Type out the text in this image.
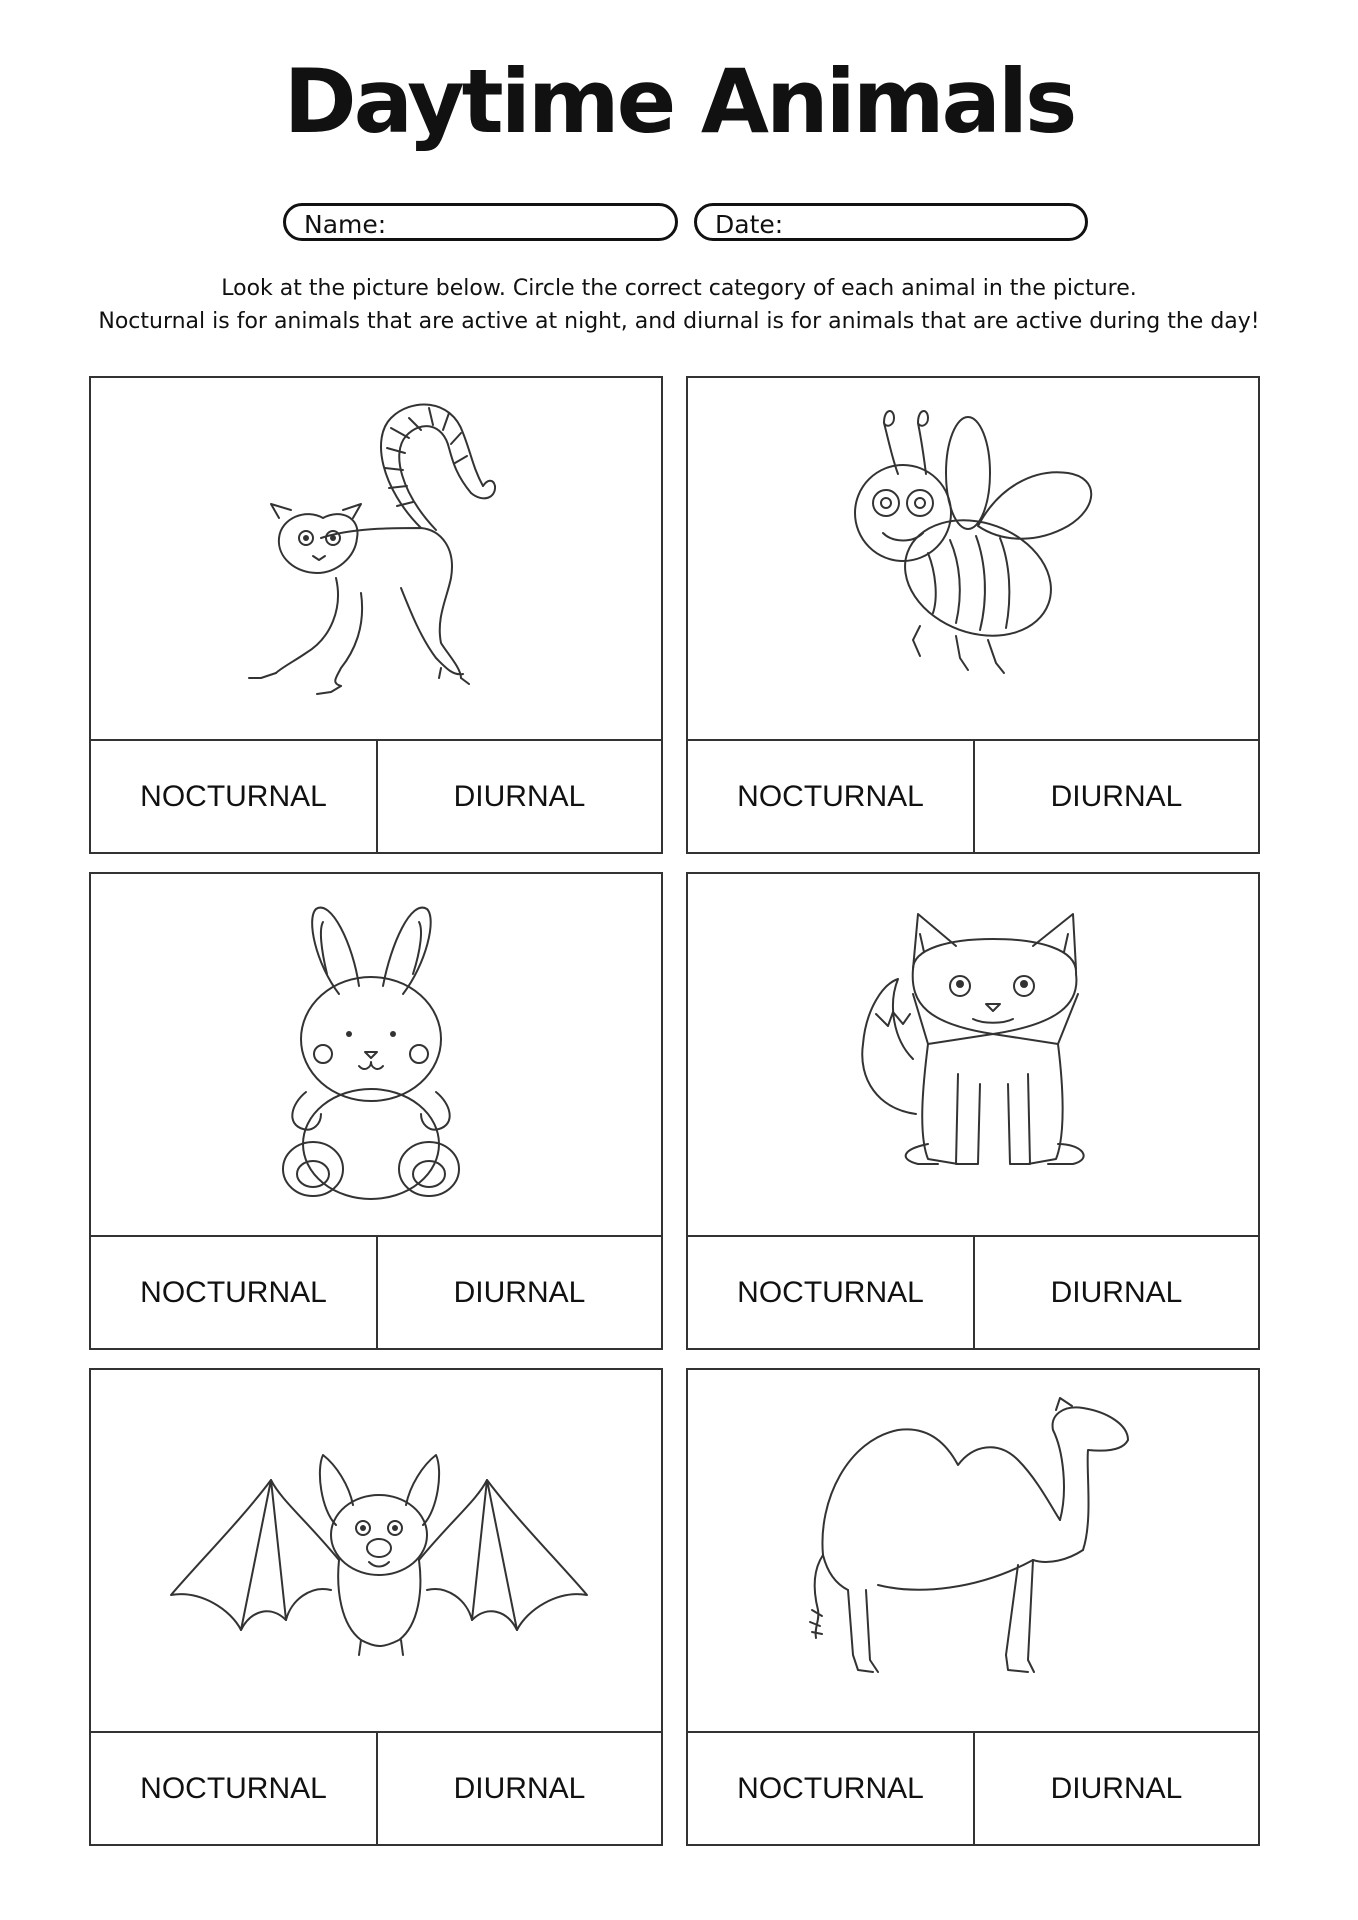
Daytime Animals
Name:	Date:
Look at the picture below. Circle the correct category of each animal in the picture.
Nocturnal is for animals that are active at night, and diurnal is for animals that are active during the day!
NOCTURNAL	DIURNAL	NOCTURNAL	DIURNAL
NOCTURNAL	DIURNAL	NOCTURNAL	DIURNAL
NOCTURNAL	DIURNAL	NOCTURNAL	DIURNAL
